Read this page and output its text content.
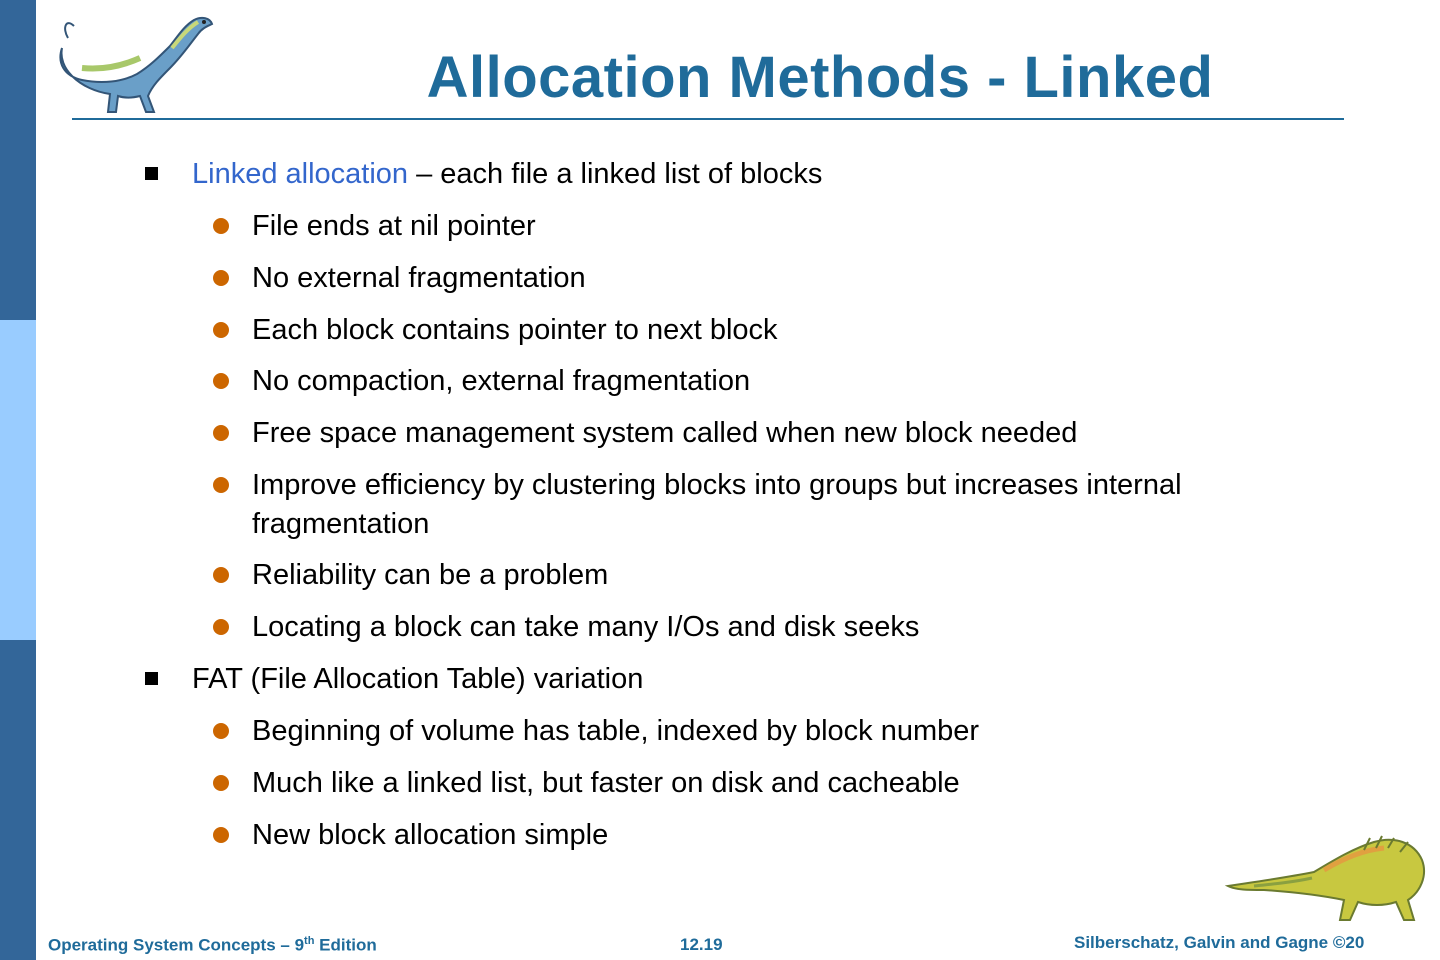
Allocation Methods - Linked
Linked allocation – each file a linked list of blocks
File ends at nil pointer
No external fragmentation
Each block contains pointer to next block
No compaction, external fragmentation
Free space management system called when new block needed
Improve efficiency by clustering blocks into groups but increases internal
fragmentation
Reliability can be a problem
Locating a block can take many I/Os and disk seeks
FAT (File Allocation Table) variation
Beginning of volume has table, indexed by block number
Much like a linked list, but faster on disk and cacheable
New block allocation simple
Operating System Concepts – 9th Edition	12.19	Silberschatz, Galvin and Gagne ©20
